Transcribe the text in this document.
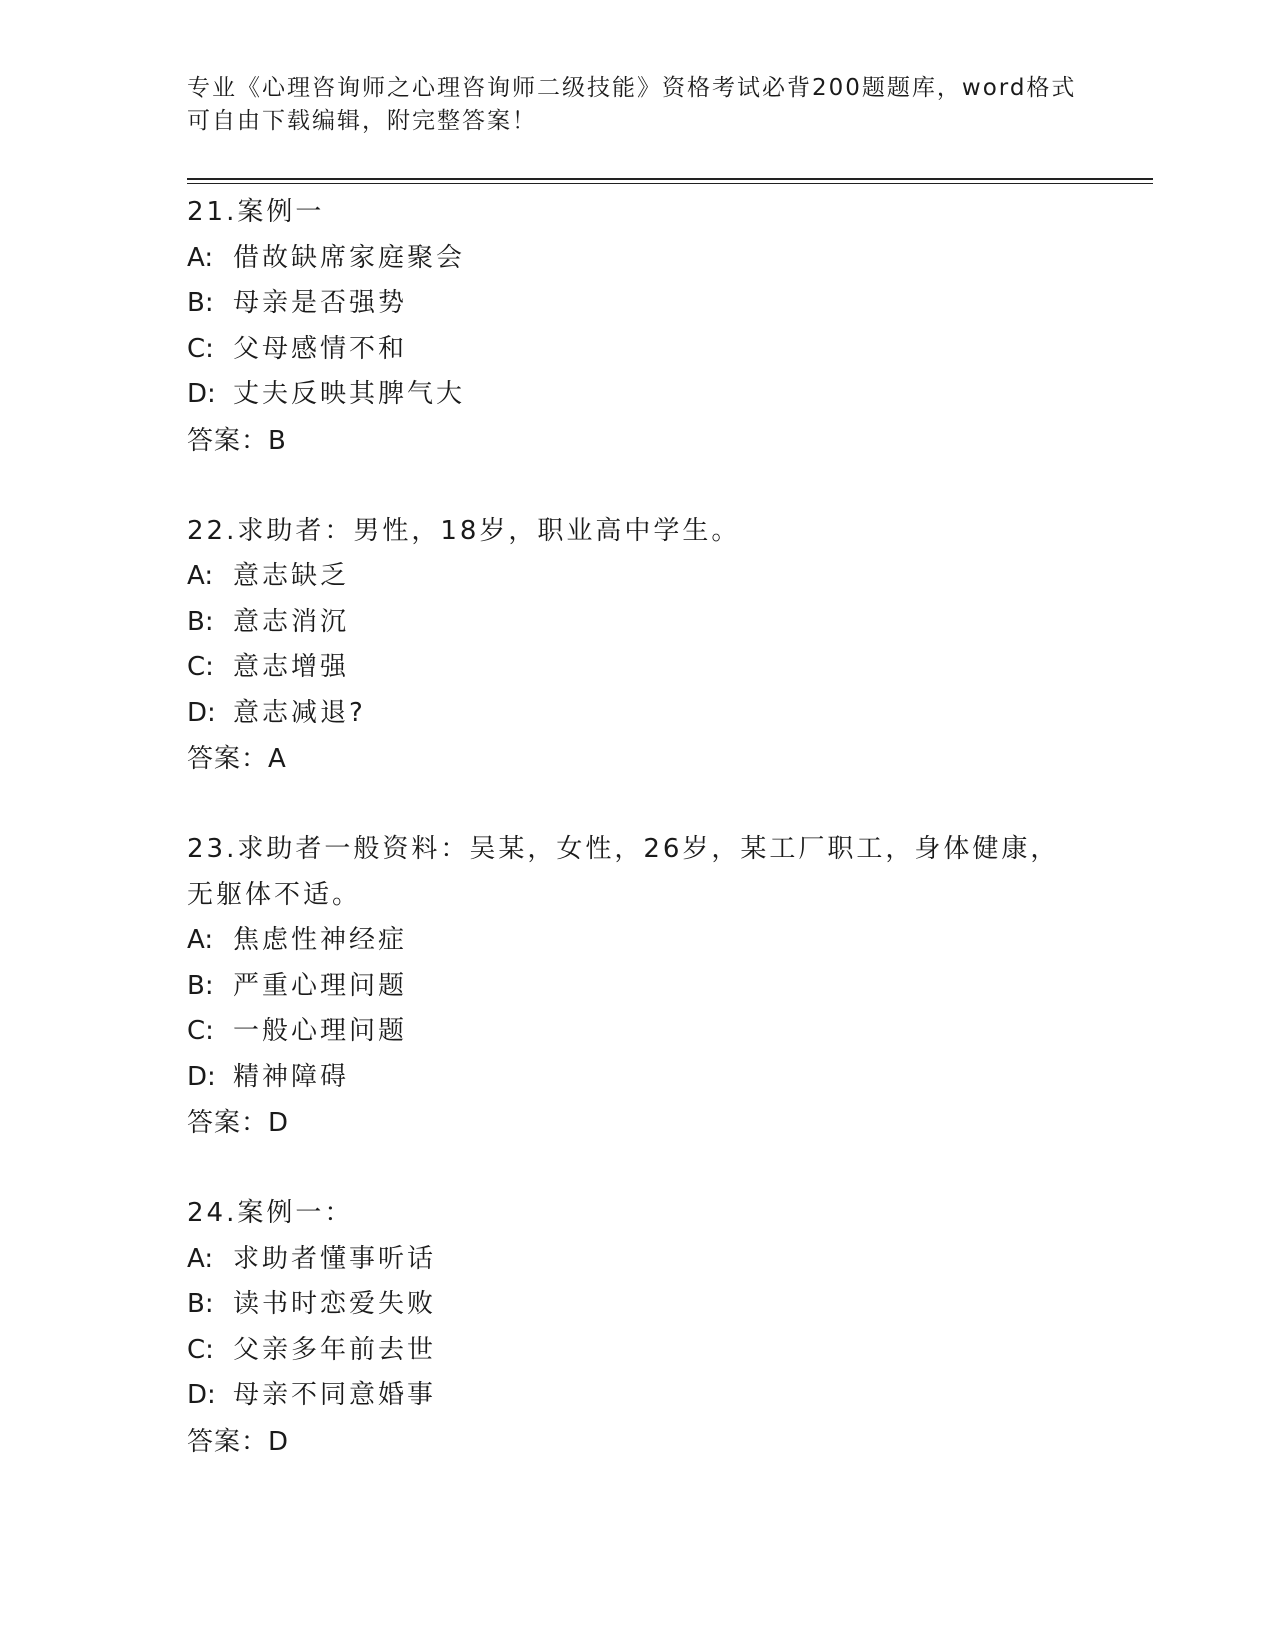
专业《心理咨询师之心理咨询师二级技能》资格考试必背200题题库，word格式
可自由下载编辑，附完整答案！
21.案例一
A: 借故缺席家庭聚会
B: 母亲是否强势
C: 父母感情不和
D: 丈夫反映其脾气大
答案：B
22.求助者：男性，18岁，职业高中学生。
A: 意志缺乏
B: 意志消沉
C: 意志增强
D: 意志减退?
答案：A
23.求助者一般资料：吴某，女性，26岁，某工厂职工，身体健康，无躯体不适。
A: 焦虑性神经症
B: 严重心理问题
C: 一般心理问题
D: 精神障碍
答案：D
24.案例一：
A: 求助者懂事听话
B: 读书时恋爱失败
C: 父亲多年前去世
D: 母亲不同意婚事
答案：D
